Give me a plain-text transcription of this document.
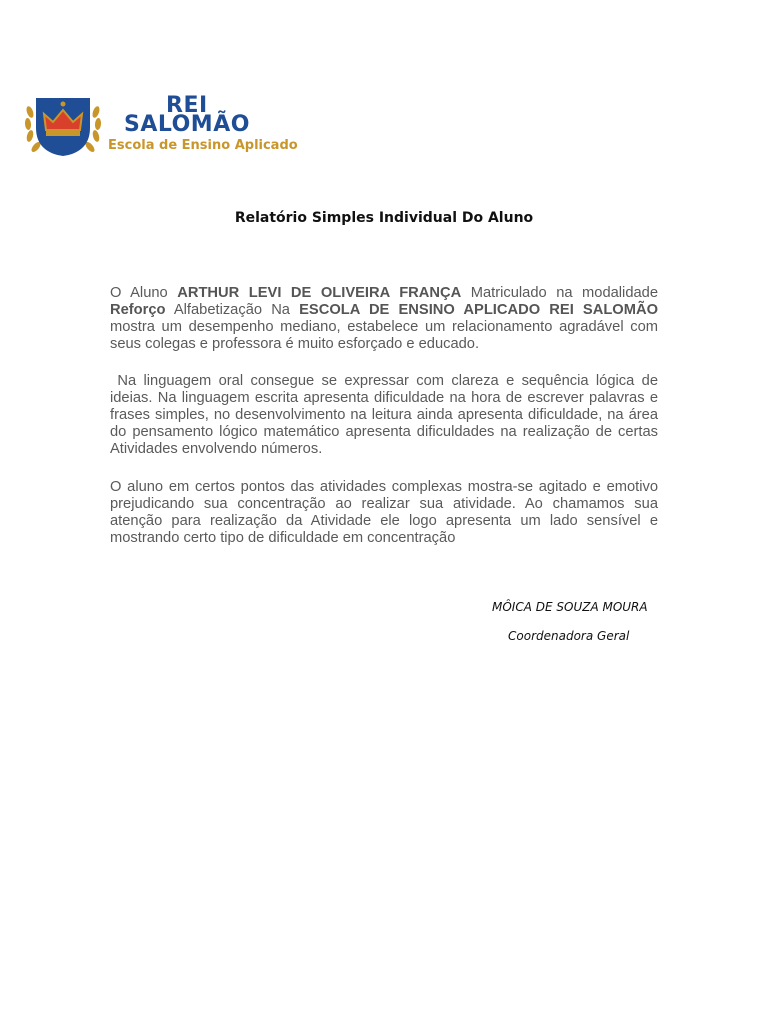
REI

SALOMÃO

Escola de Ensino Aplicado
Relatório Simples Individual Do Aluno

O Aluno ARTHUR LEVI DE OLIVEIRA FRANÇA Matriculado na modalidade Reforço Alfabetização Na ESCOLA DE ENSINO APLICADO REI SALOMÃO mostra um desempenho mediano, estabelece um relacionamento agradável com seus colegas e professora é muito esforçado e educado.

Na linguagem oral consegue se expressar com clareza e sequência lógica de ideias. Na linguagem escrita apresenta dificuldade na hora de escrever palavras e frases simples, no desenvolvimento na leitura ainda apresenta dificuldade, na área do pensamento lógico matemático apresenta dificuldades na realização de certas Atividades envolvendo números.

O aluno em certos pontos das atividades complexas mostra-se agitado e emotivo prejudicando sua concentração ao realizar sua atividade. Ao chamamos sua atenção para realização da Atividade ele logo apresenta um lado sensível e mostrando certo tipo de dificuldade em concentração

MÔICA DE SOUZA MOURA

Coordenadora Geral
